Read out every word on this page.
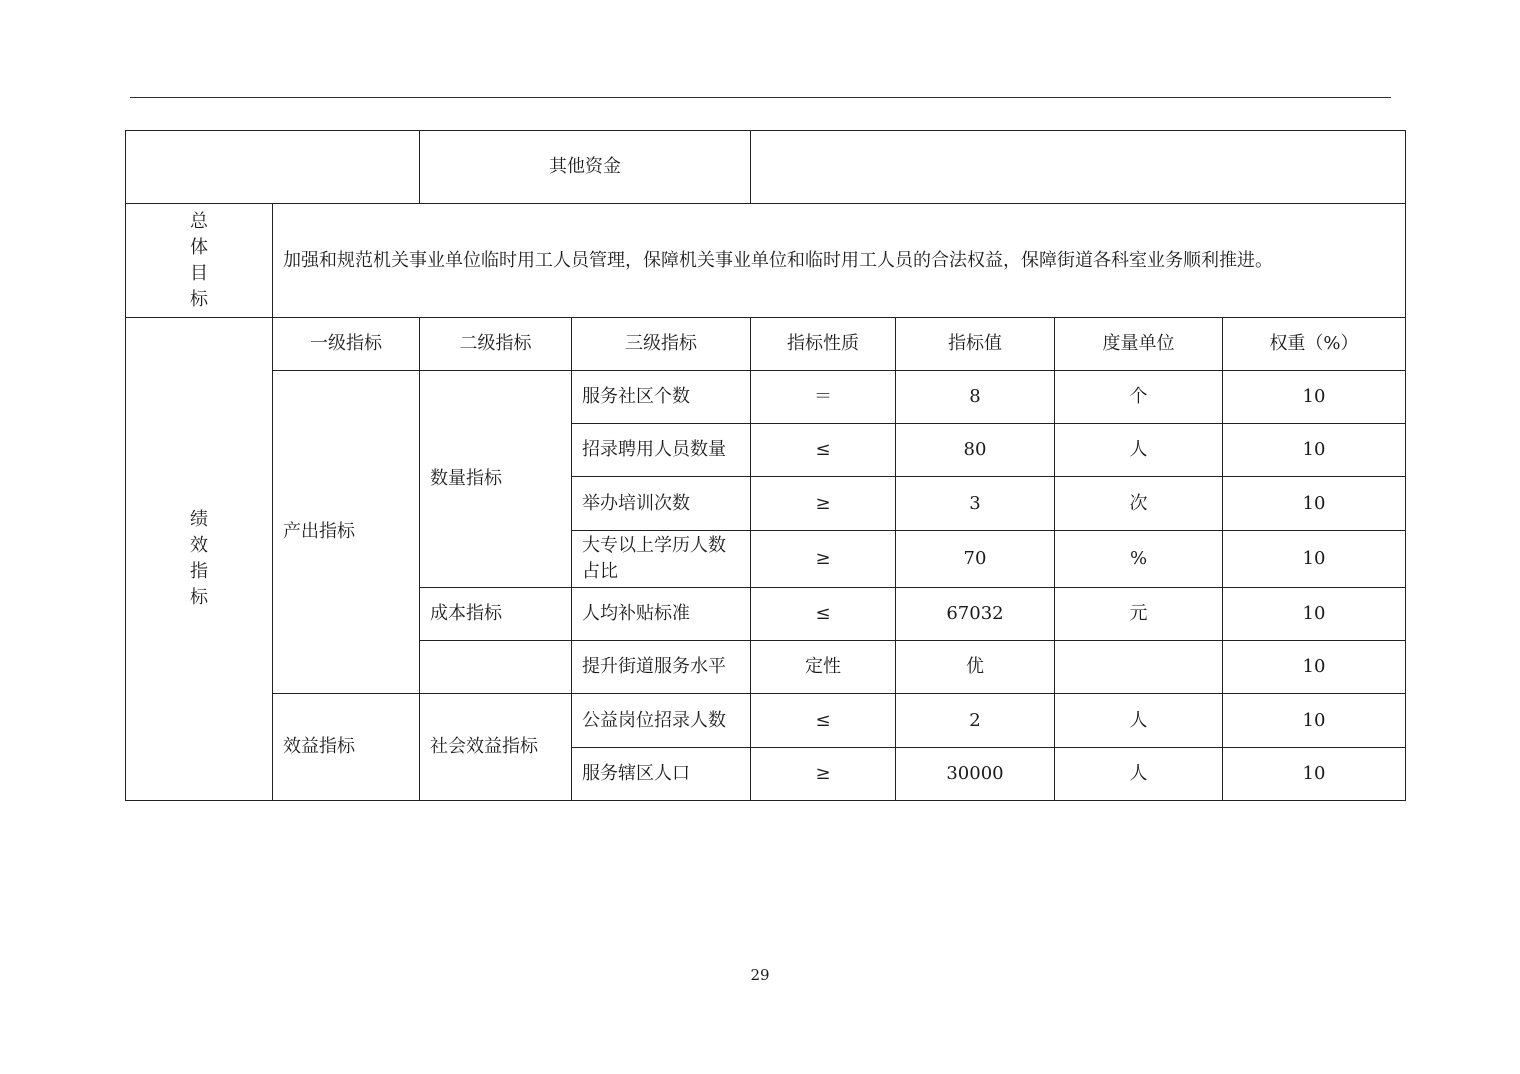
		其他资金					

总
体
目
标	加强和规范机关事业单位临时用工人员管理，保障机关事业单位和临时用工人员的合法权益，保障街道各科室业务顺利推进。						

绩
效
指
标	一级指标	二级指标	三级指标	指标性质	指标值	度量单位	权重（%）
	产出指标	数量指标	服务社区个数	＝	8	个	10
			招录聘用人员数量	≤	80	人	10
			举办培训次数	≥	3	次	10
			大专以上学历人数占比	≥	70	%	10
		成本指标	人均补贴标准	≤	67032	元	10
			提升街道服务水平	定性	优		10
	效益指标	社会效益指标	公益岗位招录人数	≤	2	人	10
			服务辖区人口	≥	30000	人	10
29
